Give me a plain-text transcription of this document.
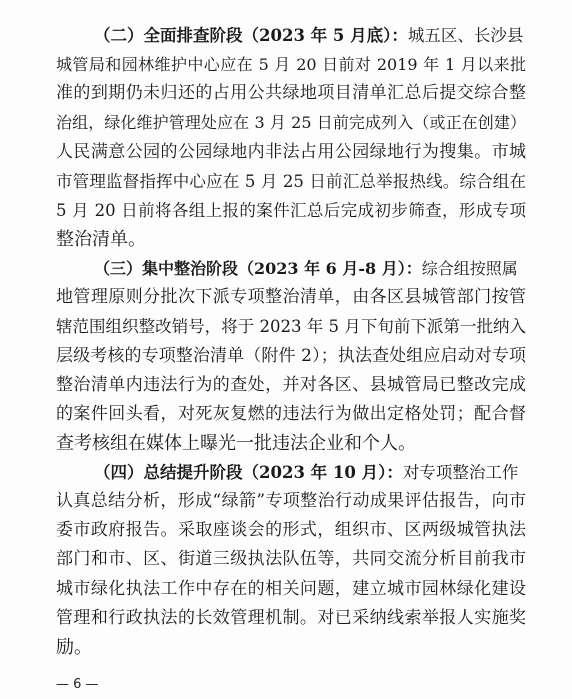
（二）全面排查阶段（2023 年 5 月底）：城五区、长沙县
城管局和园林维护中心应在 5 月 20 日前对 2019 年 1 月以来批
准的到期仍未归还的占用公共绿地项目清单汇总后提交综合整
治组，绿化维护管理处应在 3 月 25 日前完成列入（或正在创建）
人民满意公园的公园绿地内非法占用公园绿地行为搜集。市城
市管理监督指挥中心应在 5 月 25 日前汇总举报热线。综合组在
5 月 20 日前将各组上报的案件汇总后完成初步筛查，形成专项
整治清单。
（三）集中整治阶段（2023 年 6 月-8 月）：综合组按照属
地管理原则分批次下派专项整治清单，由各区县城管部门按管
辖范围组织整改销号，将于 2023 年 5 月下旬前下派第一批纳入
层级考核的专项整治清单（附件 2）；执法查处组应启动对专项
整治清单内违法行为的查处，并对各区、县城管局已整改完成
的案件回头看，对死灰复燃的违法行为做出定格处罚；配合督
查考核组在媒体上曝光一批违法企业和个人。
（四）总结提升阶段（2023 年 10 月）：对专项整治工作
认真总结分析，形成“绿箭”专项整治行动成果评估报告，向市
委市政府报告。采取座谈会的形式，组织市、区两级城管执法
部门和市、区、街道三级执法队伍等，共同交流分析目前我市
城市绿化执法工作中存在的相关问题，建立城市园林绿化建设
管理和行政执法的长效管理机制。对已采纳线索举报人实施奖
励。
— 6 —
